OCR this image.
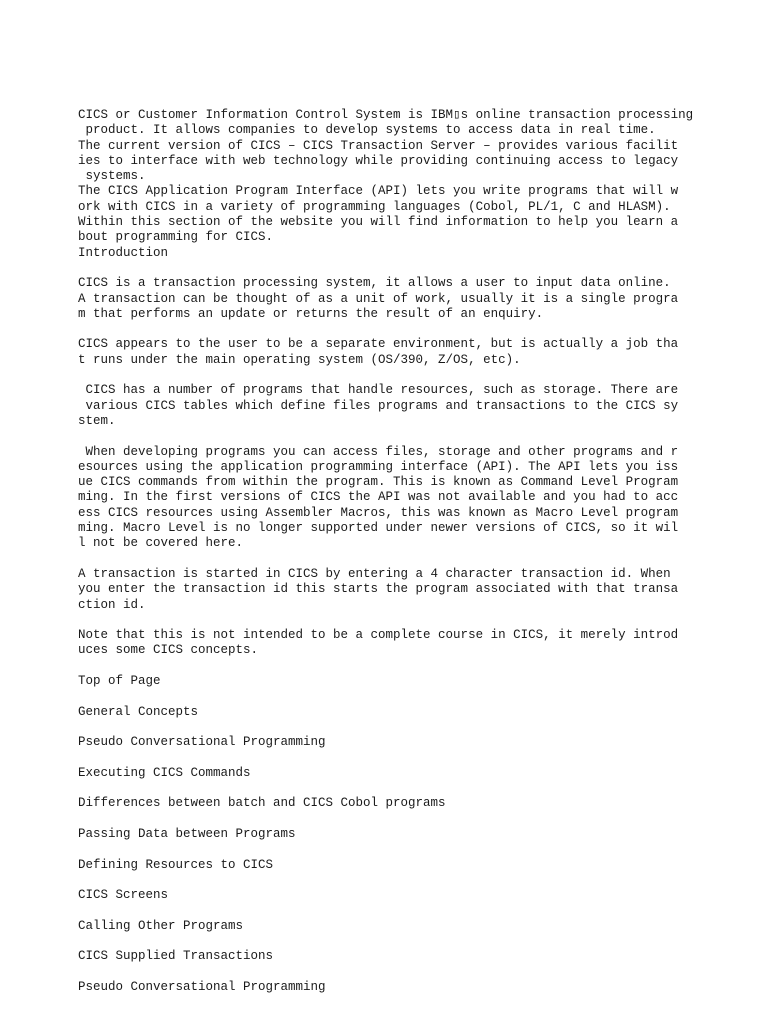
CICS or Customer Information Control System is IBM▯s online transaction processing
product. It allows companies to develop systems to access data in real time.
The current version of CICS – CICS Transaction Server – provides various facilit
ies to interface with web technology while providing continuing access to legacy
systems.
The CICS Application Program Interface (API) lets you write programs that will w
ork with CICS in a variety of programming languages (Cobol, PL/1, C and HLASM).
Within this section of the website you will find information to help you learn a
bout programming for CICS.
Introduction
CICS is a transaction processing system, it allows a user to input data online.
A transaction can be thought of as a unit of work, usually it is a single progra
m that performs an update or returns the result of an enquiry.
CICS appears to the user to be a separate environment, but is actually a job tha
t runs under the main operating system (OS/390, Z/OS, etc).
CICS has a number of programs that handle resources, such as storage. There are
various CICS tables which define files programs and transactions to the CICS sy
stem.
When developing programs you can access files, storage and other programs and r
esources using the application programming interface (API). The API lets you iss
ue CICS commands from within the program. This is known as Command Level Program
ming. In the first versions of CICS the API was not available and you had to acc
ess CICS resources using Assembler Macros, this was known as Macro Level program
ming. Macro Level is no longer supported under newer versions of CICS, so it wil
l not be covered here.
A transaction is started in CICS by entering a 4 character transaction id. When
you enter the transaction id this starts the program associated with that transa
ction id.
Note that this is not intended to be a complete course in CICS, it merely introd
uces some CICS concepts.
Top of Page
General Concepts
Pseudo Conversational Programming
Executing CICS Commands
Differences between batch and CICS Cobol programs
Passing Data between Programs
Defining Resources to CICS
CICS Screens
Calling Other Programs
CICS Supplied Transactions
Pseudo Conversational Programming
